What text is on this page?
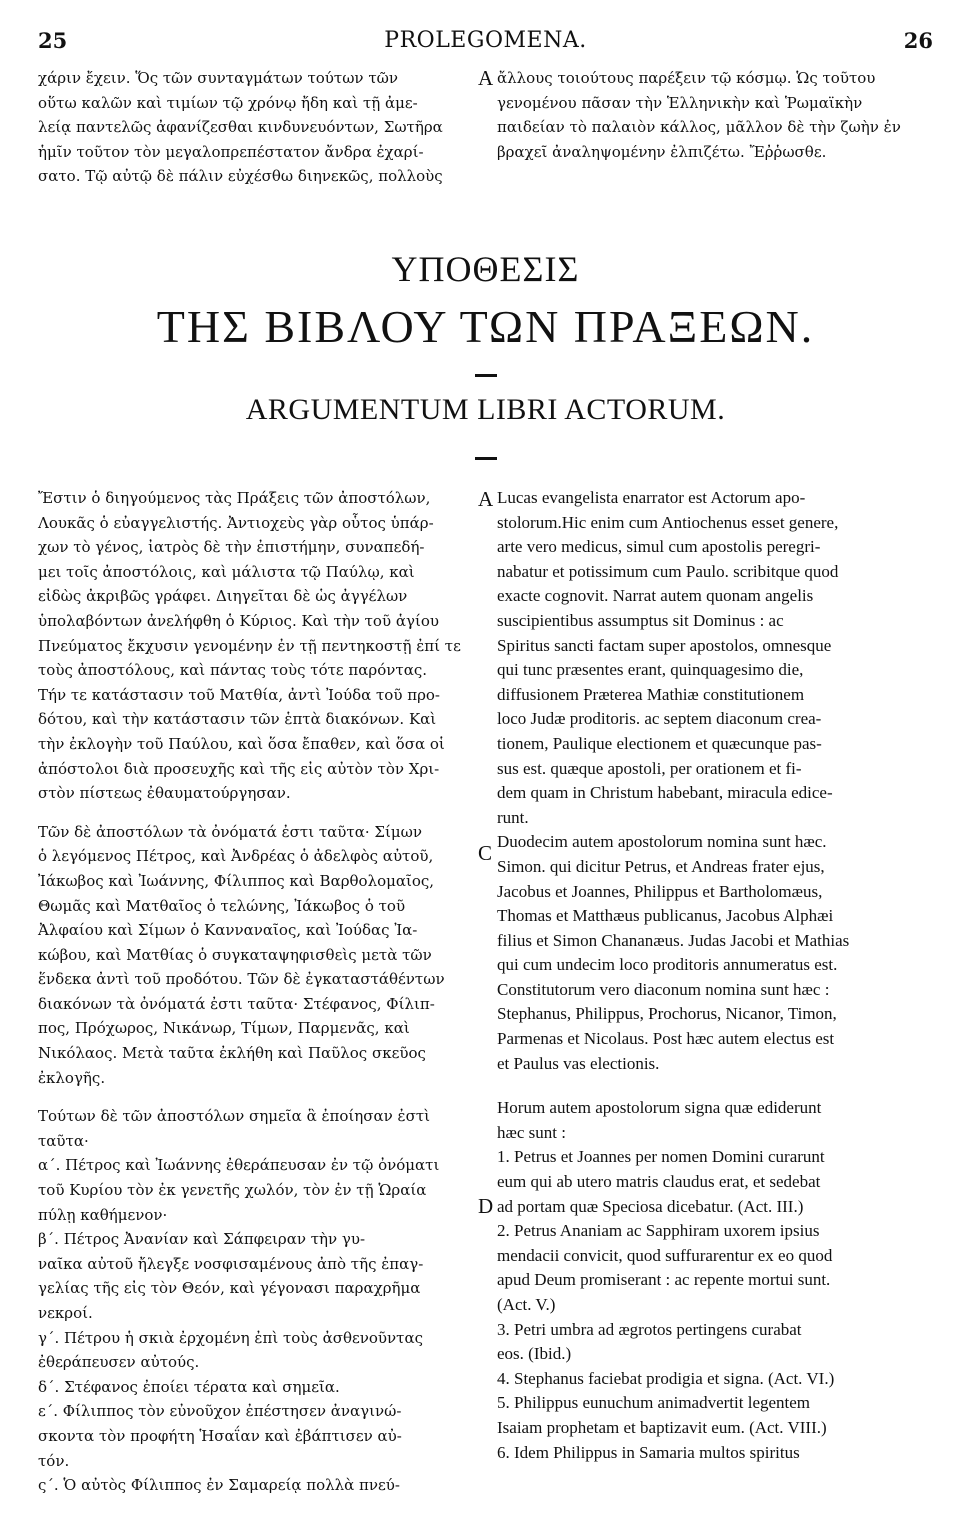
25	PROLEGOMENA.	26

χάριν ἔχειν. Ὅς τῶν συνταγμάτων τούτων τῶν

οὕτω καλῶν καὶ τιμίων τῷ χρόνῳ ἤδη καὶ τῇ ἀμε-

λείᾳ παντελῶς ἀφανίζεσθαι κινδυνευόντων, Σωτῆρα

ἡμῖν τοῦτον τὸν μεγαλοπρεπέστατον ἄνδρα ἐχαρί-

σατο. Τῷ αὐτῷ δὲ πάλιν εὐχέσθω διηνεκῶς, πολλοὺς

A ἄλλους τοιούτους παρέξειν τῷ κόσμῳ. Ὡς τοῦτου

γενομένου πᾶσαν τὴν Ἑλληνικὴν καὶ Ῥωμαϊκὴν

παιδείαν τὸ παλαιὸν κάλλος, μᾶλλον δὲ τὴν ζωὴν ἐν

βραχεῖ ἀναληψομένην ἐλπιζέτω. Ἔῤῥωσθε.

ΥΠΟΘΕΣΙΣ
ΤΗΣ ΒΙΒΛΟΥ ΤΩΝ ΠΡΑΞΕΩΝ.
ARGUMENTUM LIBRI ACTORUM.
A
C
D

Ἔστιν ὁ διηγούμενος τὰς Πράξεις τῶν ἀποστόλων,

Λουκᾶς ὁ εὐαγγελιστής. Ἀντιοχεὺς γὰρ οὗτος ὑπάρ-

χων τὸ γένος, ἰατρὸς δὲ τὴν ἐπιστήμην, συναπεδή-

μει τοῖς ἀποστόλοις, καὶ μάλιστα τῷ Παύλῳ, καὶ

εἰδὼς ἀκριβῶς γράφει. Διηγεῖται δὲ ὡς ἀγγέλων

ὑπολαβόντων ἀνελήφθη ὁ Κύριος. Καὶ τὴν τοῦ ἁγίου

Πνεύματος ἔκχυσιν γενομένην ἐν τῇ πεντηκοστῇ ἐπί τε

τοὺς ἀποστόλους, καὶ πάντας τοὺς τότε παρόντας.

Τήν τε κατάστασιν τοῦ Ματθία, ἀντὶ Ἰούδα τοῦ προ-

δότου, καὶ τὴν κατάστασιν τῶν ἑπτὰ διακόνων. Καὶ

τὴν ἐκλογὴν τοῦ Παύλου, καὶ ὅσα ἔπαθεν, καὶ ὅσα οἱ

ἀπόστολοι διὰ προσευχῆς καὶ τῆς εἰς αὐτὸν τὸν Χρι-

στὸν πίστεως ἐθαυματούργησαν.

Τῶν δὲ ἀποστόλων τὰ ὀνόματά ἐστι ταῦτα· Σίμων

ὁ λεγόμενος Πέτρος, καὶ Ἀνδρέας ὁ ἀδελφὸς αὐτοῦ,

Ἰάκωβος καὶ Ἰωάννης, Φίλιππος καὶ Βαρθολομαῖος,

Θωμᾶς καὶ Ματθαῖος ὁ τελώνης, Ἰάκωβος ὁ τοῦ

Ἀλφαίου καὶ Σίμων ὁ Κανναναῖος, καὶ Ἰούδας Ἰα-

κώβου, καὶ Ματθίας ὁ συγκαταψηφισθεὶς μετὰ τῶν

ἕνδεκα ἀντὶ τοῦ προδότου. Τῶν δὲ ἐγκαταστάθέντων

διακόνων τὰ ὀνόματά ἐστι ταῦτα· Στέφανος, Φίλιπ-

πος, Πρόχωρος, Νικάνωρ, Τίμων, Παρμενᾶς, καὶ

Νικόλαος. Μετὰ ταῦτα ἐκλήθη καὶ Παῦλος σκεῦος

ἐκλογῆς.

Τούτων δὲ τῶν ἀποστόλων σημεῖα ἃ ἐποίησαν ἐστὶ

ταῦτα·

α΄. Πέτρος καὶ Ἰωάννης ἐθεράπευσαν ἐν τῷ ὀνόματι

τοῦ Κυρίου τὸν ἐκ γενετῆς χωλόν, τὸν ἐν τῇ Ὡραία

πύλῃ καθήμενον·

β΄. Πέτρος Ἀνανίαν καὶ Σάπφειραν τὴν γυ-

ναῖκα αὐτοῦ ἤλεγξε νοσφισαμένους ἀπὸ τῆς ἐπαγ-

γελίας τῆς εἰς τὸν Θεόν, καὶ γέγονασι παραχρῆμα

νεκροί.

γ΄. Πέτρου ἡ σκιὰ ἐρχομένη ἐπὶ τοὺς ἀσθενοῦντας

ἐθεράπευσεν αὐτούς.

δ΄. Στέφανος ἐποίει τέρατα καὶ σημεῖα.

ε΄. Φίλιππος τὸν εὐνοῦχον ἐπέστησεν ἀναγινώ-

σκοντα τὸν προφήτη Ἡσαΐαν καὶ ἐβάπτισεν αὐ-

τόν.

ς΄. Ὁ αὐτὸς Φίλιππος ἐν Σαμαρείᾳ πολλὰ πνεύ-

Lucas evangelista enarrator est Actorum apo-

stolorum.Hic enim cum Antiochenus esset genere,

arte vero medicus, simul cum apostolis peregri-

nabatur et potissimum cum Paulo. scribitque quod

exacte cognovit. Narrat autem quonam angelis

suscipientibus assumptus sit Dominus : ac

Spiritus sancti factam super apostolos, omnesque

qui tunc præsentes erant, quinquagesimo die,

diffusionem Præterea Mathiæ constitutionem

loco Judæ proditoris. ac septem diaconum crea-

tionem, Paulique electionem et quæcunque pas-

sus est. quæque apostoli, per orationem et fi-

dem quam in Christum habebant, miracula edice-

runt.

Duodecim autem apostolorum nomina sunt hæc.

Simon. qui dicitur Petrus, et Andreas frater ejus,

Jacobus et Joannes, Philippus et Bartholomæus,

Thomas et Matthæus publicanus, Jacobus Alphæi

filius et Simon Chananæus. Judas Jacobi et Mathias

qui cum undecim loco proditoris annumeratus est.

Constitutorum vero diaconum nomina sunt hæc :

Stephanus, Philippus, Prochorus, Nicanor, Timon,

Parmenas et Nicolaus. Post hæc autem electus est

et Paulus vas electionis.

Horum autem apostolorum signa quæ ediderunt

hæc sunt :

1. Petrus et Joannes per nomen Domini curarunt

eum qui ab utero matris claudus erat, et sedebat

ad portam quæ Speciosa dicebatur. (Act. III.)

2. Petrus Ananiam ac Sapphiram uxorem ipsius

mendacii convicit, quod suffurarentur ex eo quod

apud Deum promiserant : ac repente mortui sunt.

(Act. V.)

3. Petri umbra ad ægrotos pertingens curabat

eos. (Ibid.)

4. Stephanus faciebat prodigia et signa. (Act. VI.)

5. Philippus eunuchum animadvertit legentem

Isaiam prophetam et baptizavit eum. (Act. VIII.)

6. Idem Philippus in Samaria multos spiritus
